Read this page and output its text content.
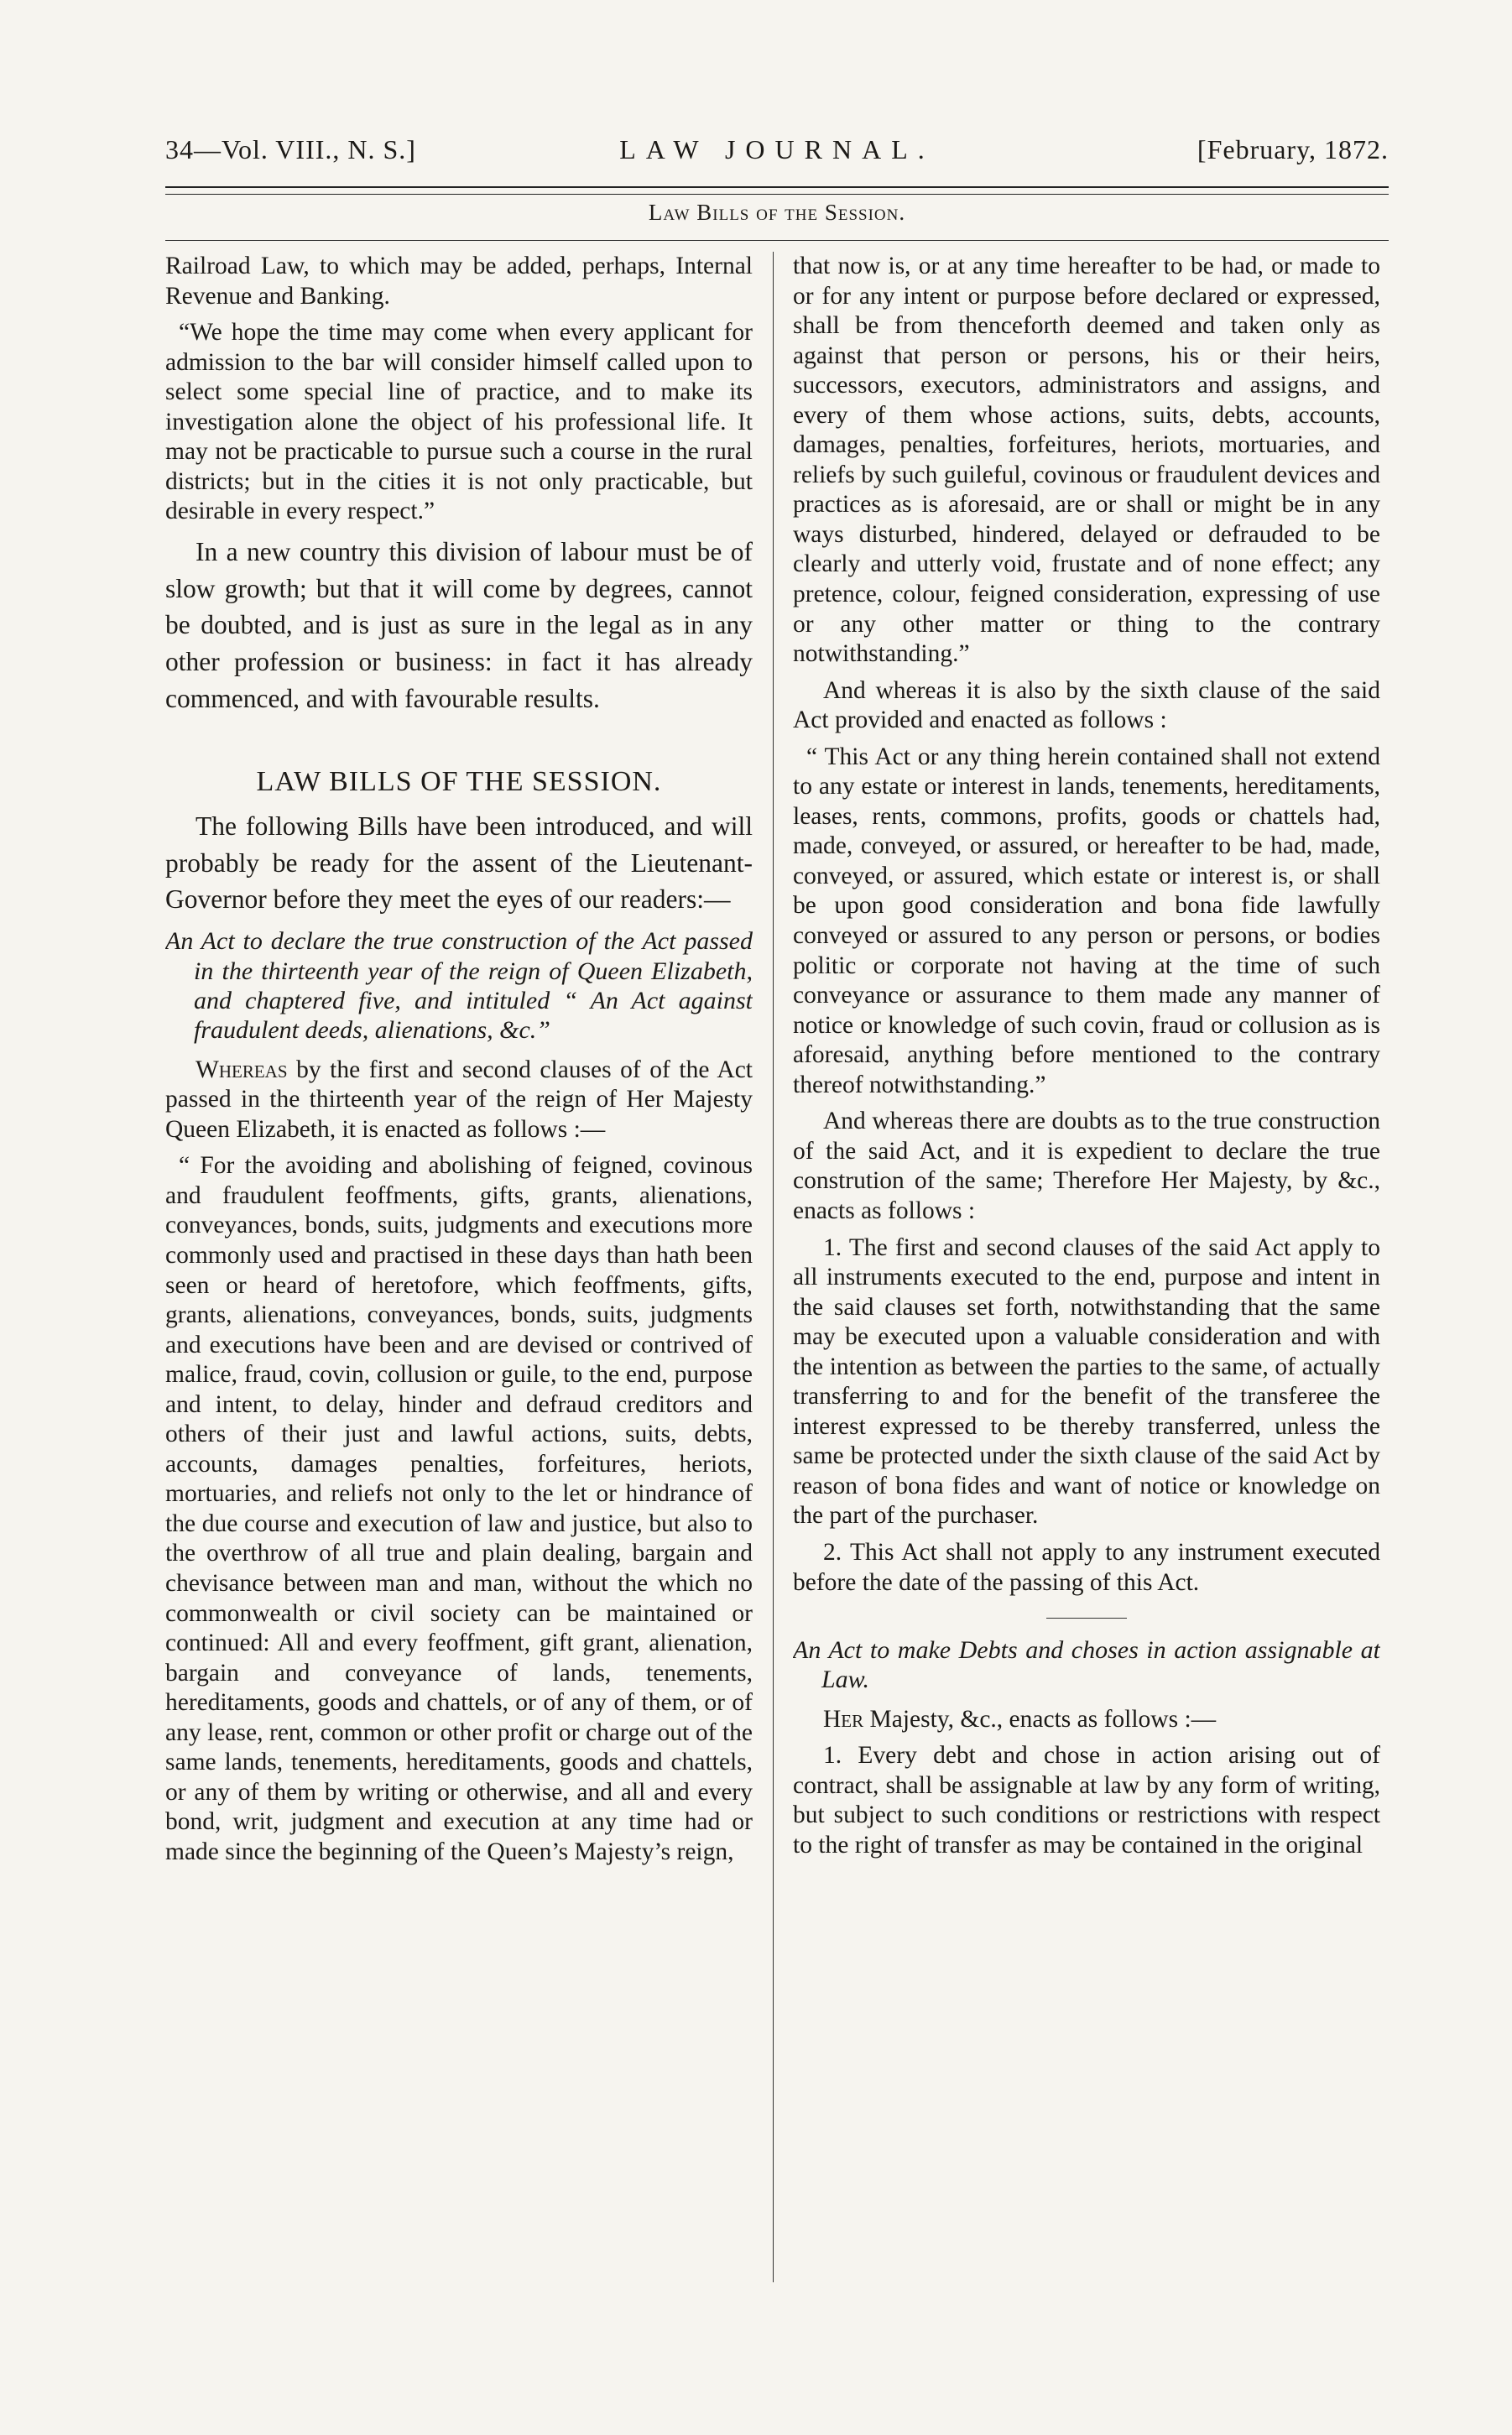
34—Vol. VIII., N. S.]	LAW JOURNAL.	[February, 1872.
Law Bills of the Session.

Railroad Law, to which may be added, perhaps, Internal Revenue and Banking.

“We hope the time may come when every applicant for admission to the bar will consider himself called upon to select some special line of practice, and to make its investigation alone the object of his professional life. It may not be practicable to pursue such a course in the rural districts; but in the cities it is not only practicable, but desirable in every respect.”

In a new country this division of labour must be of slow growth; but that it will come by degrees, cannot be doubted, and is just as sure in the legal as in any other profession or business: in fact it has already commenced, and with favourable results.

LAW BILLS OF THE SESSION.

The following Bills have been introduced, and will probably be ready for the assent of the Lieutenant-Governor before they meet the eyes of our readers:—

An Act to declare the true construction of the Act passed in the thirteenth year of the reign of Queen Elizabeth, and chaptered five, and intituled “ An Act against fraudulent deeds, alienations, &c.”

Whereas by the first and second clauses of of the Act passed in the thirteenth year of the reign of Her Majesty Queen Elizabeth, it is enacted as follows :—

“ For the avoiding and abolishing of feigned, covinous and fraudulent feoffments, gifts, grants, alienations, conveyances, bonds, suits, judgments and executions more commonly used and practised in these days than hath been seen or heard of heretofore, which feoffments, gifts, grants, alienations, conveyances, bonds, suits, judgments and executions have been and are devised or contrived of malice, fraud, covin, collusion or guile, to the end, purpose and intent, to delay, hinder and defraud creditors and others of their just and lawful actions, suits, debts, accounts, damages penalties, forfeitures, heriots, mortuaries, and reliefs not only to the let or hindrance of the due course and execution of law and justice, but also to the overthrow of all true and plain dealing, bargain and chevisance between man and man, without the which no commonwealth or civil society can be maintained or continued: All and every feoffment, gift grant, alienation, bargain and conveyance of lands, tenements, hereditaments, goods and chattels, or of any of them, or of any lease, rent, common or other profit or charge out of the same lands, tenements, hereditaments, goods and chattels, or any of them by writing or otherwise, and all and every bond, writ, judgment and execution at any time had or made since the beginning of the Queen’s Majesty’s reign,

that now is, or at any time hereafter to be had, or made to or for any intent or purpose before declared or expressed, shall be from thenceforth deemed and taken only as against that person or persons, his or their heirs, successors, executors, administrators and assigns, and every of them whose actions, suits, debts, accounts, damages, penalties, forfeitures, heriots, mortuaries, and reliefs by such guileful, covinous or fraudulent devices and practices as is aforesaid, are or shall or might be in any ways disturbed, hindered, delayed or defrauded to be clearly and utterly void, frustate and of none effect; any pretence, colour, feigned consideration, expressing of use or any other matter or thing to the contrary notwithstanding.”

And whereas it is also by the sixth clause of the said Act provided and enacted as follows :

“ This Act or any thing herein contained shall not extend to any estate or interest in lands, tenements, hereditaments, leases, rents, commons, profits, goods or chattels had, made, conveyed, or assured, or hereafter to be had, made, conveyed, or assured, which estate or interest is, or shall be upon good consideration and bona fide lawfully conveyed or assured to any person or persons, or bodies politic or corporate not having at the time of such conveyance or assurance to them made any manner of notice or knowledge of such covin, fraud or collusion as is aforesaid, anything before mentioned to the contrary thereof notwithstanding.”

And whereas there are doubts as to the true construction of the said Act, and it is expedient to declare the true constrution of the same; Therefore Her Majesty, by &c., enacts as follows :

1. The first and second clauses of the said Act apply to all instruments executed to the end, purpose and intent in the said clauses set forth, notwithstanding that the same may be executed upon a valuable consideration and with the intention as between the parties to the same, of actually transferring to and for the benefit of the transferee the interest expressed to be thereby transferred, unless the same be protected under the sixth clause of the said Act by reason of bona fides and want of notice or knowledge on the part of the purchaser.

2. This Act shall not apply to any instrument executed before the date of the passing of this Act.

An Act to make Debts and choses in action assignable at Law.

Her Majesty, &c., enacts as follows :—

1. Every debt and chose in action arising out of contract, shall be assignable at law by any form of writing, but subject to such conditions or restrictions with respect to the right of transfer as may be contained in the original
